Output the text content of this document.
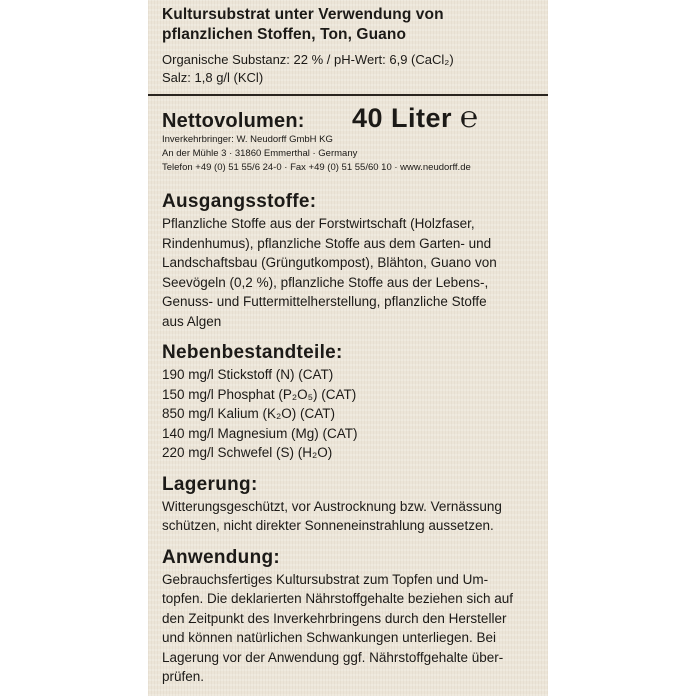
Kultursubstrat unter Verwendung von
pflanzlichen Stoffen, Ton, Guano
Organische Substanz: 22 % / pH-Wert: 6,9 (CaCl₂)
Salz: 1,8 g/l (KCl)
Nettovolumen:	40 Liter ℮
Inverkehrbringer: W. Neudorff GmbH KG
An der Mühle 3 · 31860 Emmerthal · Germany
Telefon +49 (0) 51 55/6 24-0 · Fax +49 (0) 51 55/60 10 · www.neudorff.de
Ausgangsstoffe:
Pflanzliche Stoffe aus der Forstwirtschaft (Holzfaser,
Rindenhumus), pflanzliche Stoffe aus dem Garten- und
Landschaftsbau (Grüngutkompost), Blähton, Guano von
Seevögeln (0,2 %), pflanzliche Stoffe aus der Lebens-,
Genuss- und Futtermittelherstellung, pflanzliche Stoffe
aus Algen
Nebenbestandteile:
190 mg/l Stickstoff (N) (CAT)
150 mg/l Phosphat (P₂O₅) (CAT)
850 mg/l Kalium (K₂O) (CAT)
140 mg/l Magnesium (Mg) (CAT)
220 mg/l Schwefel (S) (H₂O)
Lagerung:
Witterungsgeschützt, vor Austrocknung bzw. Vernässung
schützen, nicht direkter Sonneneinstrahlung aussetzen.
Anwendung:
Gebrauchsfertiges Kultursubstrat zum Topfen und Um-
topfen. Die deklarierten Nährstoffgehalte beziehen sich auf
den Zeitpunkt des Inverkehrbringens durch den Hersteller
und können natürlichen Schwankungen unterliegen. Bei
Lagerung vor der Anwendung ggf. Nährstoffgehalte über-
prüfen.
